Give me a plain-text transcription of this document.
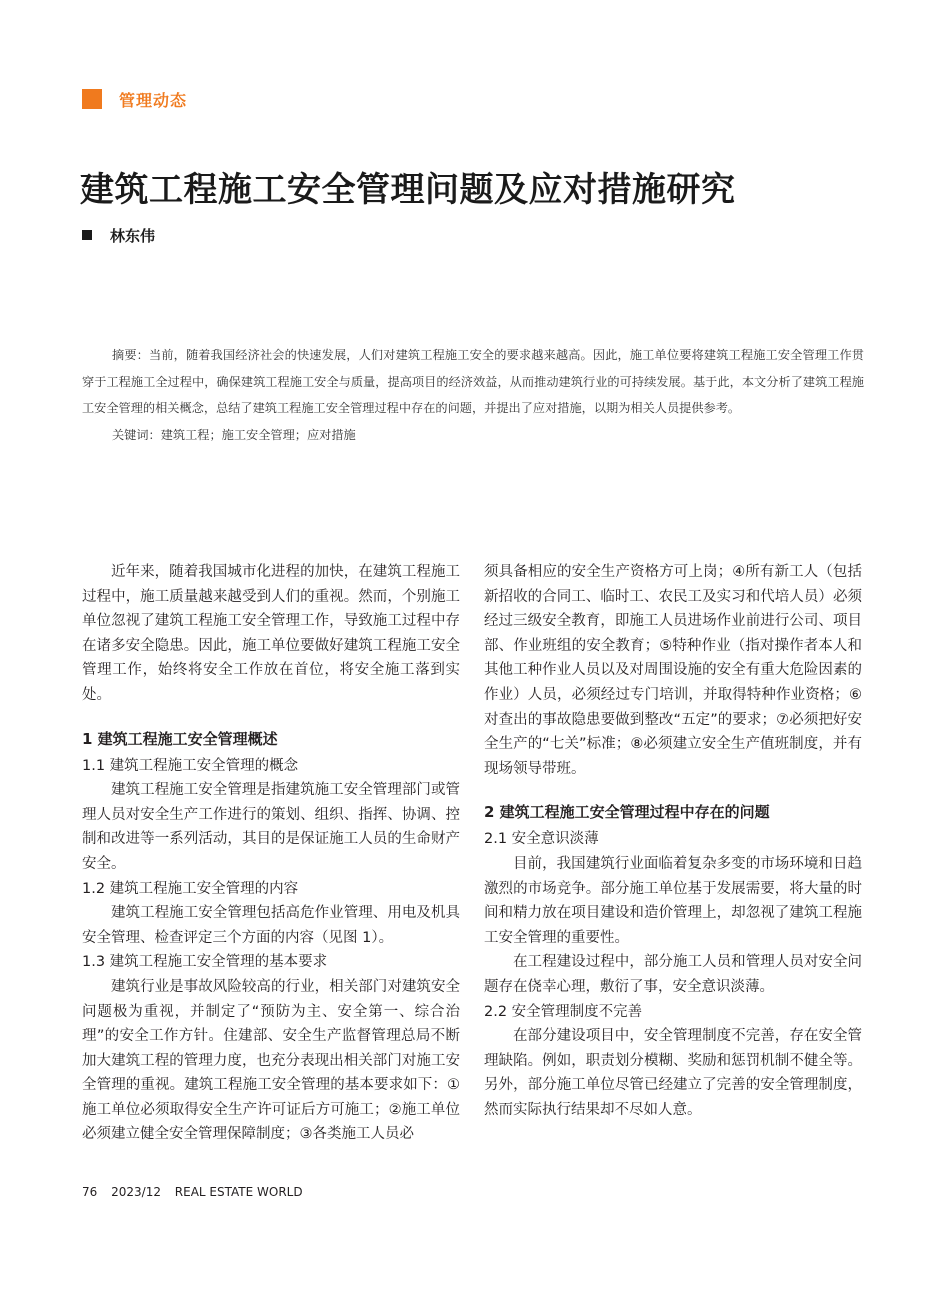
管理动态
建筑工程施工安全管理问题及应对措施研究
林东伟

摘要：当前，随着我国经济社会的快速发展，人们对建筑工程施工安全的要求越来越高。因此，施工单位要将建筑工程施工安全管理工作贯穿于工程施工全过程中，确保建筑工程施工安全与质量，提高项目的经济效益，从而推动建筑行业的可持续发展。基于此，本文分析了建筑工程施工安全管理的相关概念，总结了建筑工程施工安全管理过程中存在的问题，并提出了应对措施，以期为相关人员提供参考。

关键词：建筑工程；施工安全管理；应对措施

近年来，随着我国城市化进程的加快，在建筑工程施工过程中，施工质量越来越受到人们的重视。然而，个别施工单位忽视了建筑工程施工安全管理工作，导致施工过程中存在诸多安全隐患。因此，施工单位要做好建筑工程施工安全管理工作，始终将安全工作放在首位，将安全施工落到实处。

1 建筑工程施工安全管理概述

1.1 建筑工程施工安全管理的概念

建筑工程施工安全管理是指建筑施工安全管理部门或管理人员对安全生产工作进行的策划、组织、指挥、协调、控制和改进等一系列活动，其目的是保证施工人员的生命财产安全。

1.2 建筑工程施工安全管理的内容

建筑工程施工安全管理包括高危作业管理、用电及机具安全管理、检查评定三个方面的内容（见图 1）。

1.3 建筑工程施工安全管理的基本要求

建筑行业是事故风险较高的行业，相关部门对建筑安全问题极为重视，并制定了“预防为主、安全第一、综合治理”的安全工作方针。住建部、安全生产监督管理总局不断加大建筑工程的管理力度，也充分表现出相关部门对施工安全管理的重视。建筑工程施工安全管理的基本要求如下：①施工单位必须取得安全生产许可证后方可施工；②施工单位必须建立健全安全管理保障制度；③各类施工人员必

须具备相应的安全生产资格方可上岗；④所有新工人（包括新招收的合同工、临时工、农民工及实习和代培人员）必须经过三级安全教育，即施工人员进场作业前进行公司、项目部、作业班组的安全教育；⑤特种作业（指对操作者本人和其他工种作业人员以及对周围设施的安全有重大危险因素的作业）人员，必须经过专门培训，并取得特种作业资格；⑥对查出的事故隐患要做到整改“五定”的要求；⑦必须把好安全生产的“七关”标准；⑧必须建立安全生产值班制度，并有现场领导带班。

2 建筑工程施工安全管理过程中存在的问题

2.1 安全意识淡薄

目前，我国建筑行业面临着复杂多变的市场环境和日趋激烈的市场竞争。部分施工单位基于发展需要，将大量的时间和精力放在项目建设和造价管理上，却忽视了建筑工程施工安全管理的重要性。

在工程建设过程中，部分施工人员和管理人员对安全问题存在侥幸心理，敷衍了事，安全意识淡薄。

2.2 安全管理制度不完善

在部分建设项目中，安全管理制度不完善，存在安全管理缺陷。例如，职责划分模糊、奖励和惩罚机制不健全等。另外，部分施工单位尽管已经建立了完善的安全管理制度，然而实际执行结果却不尽如人意。

76 2023/12 REAL ESTATE WORLD
